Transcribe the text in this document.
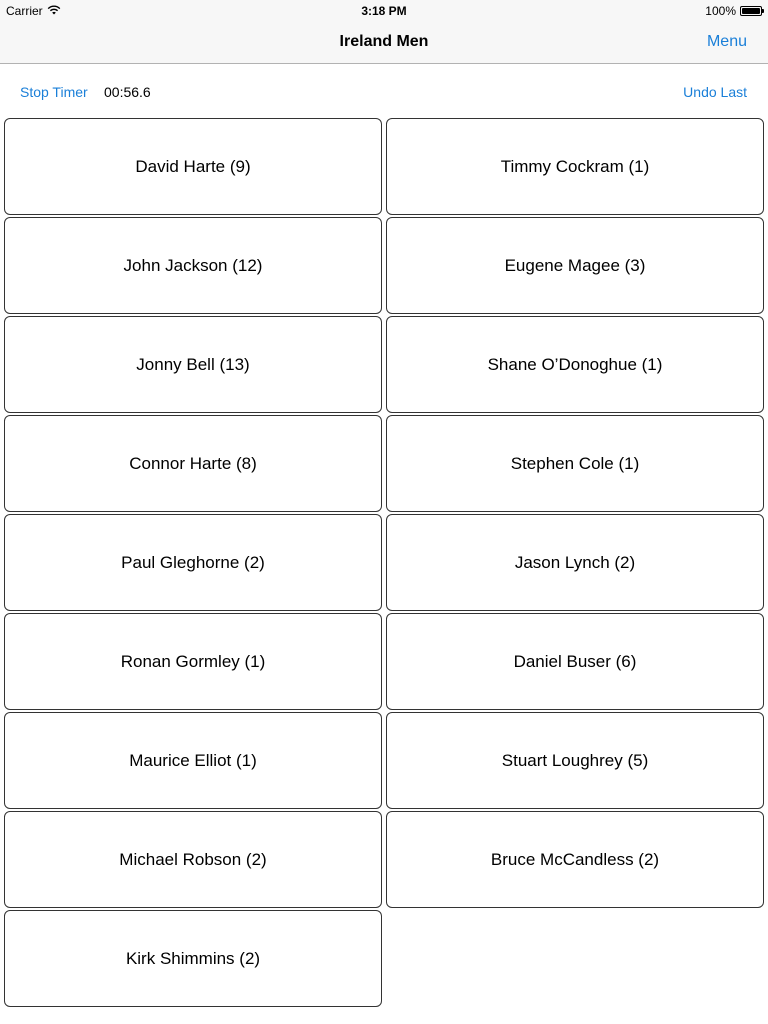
Carrier	3:18 PM	100%
Ireland Men	Menu
Stop Timer 00:56.6	Undo Last
David Harte (9)	Timmy Cockram (1)
John Jackson (12)	Eugene Magee (3)
Jonny Bell (13)	Shane O’Donoghue (1)
Connor Harte (8)	Stephen Cole (1)
Paul Gleghorne (2)	Jason Lynch (2)
Ronan Gormley (1)	Daniel Buser (6)
Maurice Elliot (1)	Stuart Loughrey (5)
Michael Robson (2)	Bruce McCandless (2)
Kirk Shimmins (2)
